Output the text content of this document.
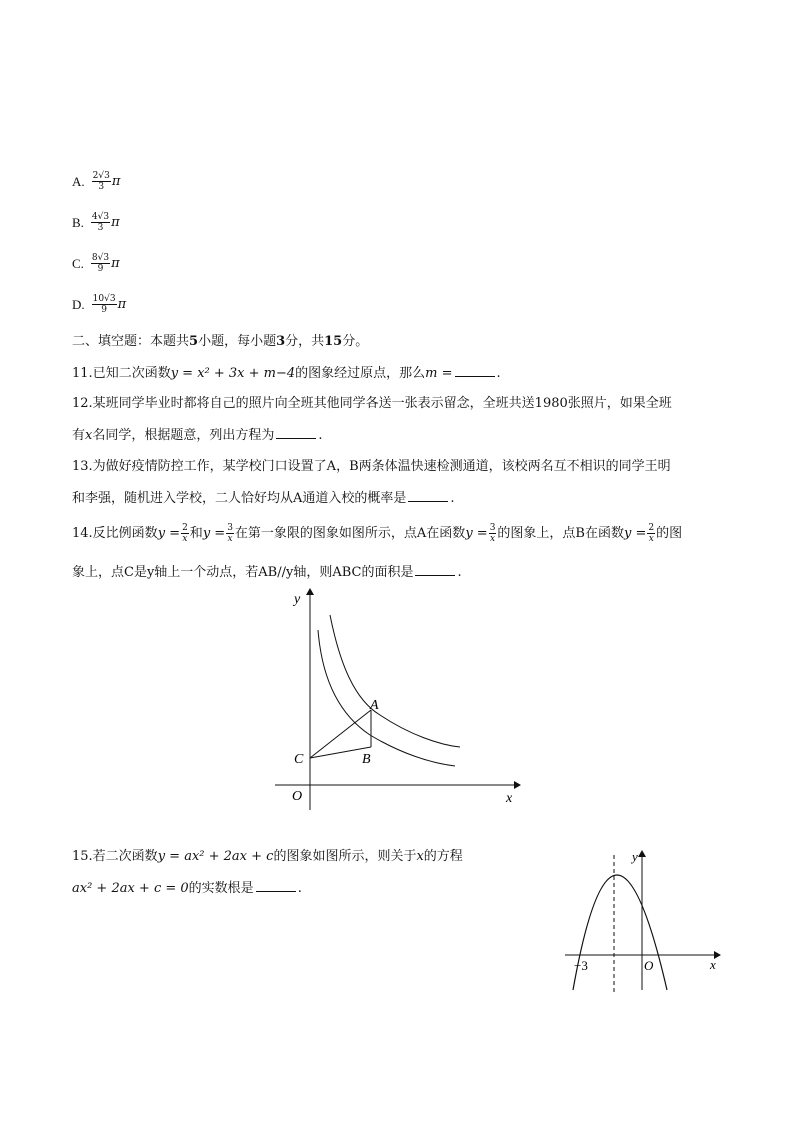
A. $\frac{2√3}{3}$ π
B. $\frac{4√3}{3}$ π
C. $\frac{8√3}{9}$ π
D. $\frac{10√3}{9}$ π
二、填空题：本题共5小题，每小题3分，共15分。
11.已知二次函数y = x² + 3x + m−4的图象经过原点，那么m =	.
12.某班同学毕业时都将自己的照片向全班其他同学各送一张表示留念，全班共送1980张照片，如果全班
有x名同学，根据题意，列出方程为	.
13.为做好疫情防控工作，某学校门口设置了A，B两条体温快速检测通道，该校两名互不相识的同学王明
和李强，随机进入学校，二人恰好均从A通道入校的概率是	.
14.反比例函数$y = \frac{2}{x}$ 和$y = \frac{3}{x}$ 在第一象限的图象如图所示，点A在函数$y = \frac{3}{x}$ 的图象上，点B在函数$y = \frac{2}{x}$ 的图
象上，点C是y轴上一个动点，若AB//y轴，则ABC的面积是	.
y
x
O
A
B
C
15.若二次函数y = ax² + 2ax + c的图象如图所示，则关于x的方程
ax² + 2ax + c = 0的实数根是	.
y
x
O
−3
